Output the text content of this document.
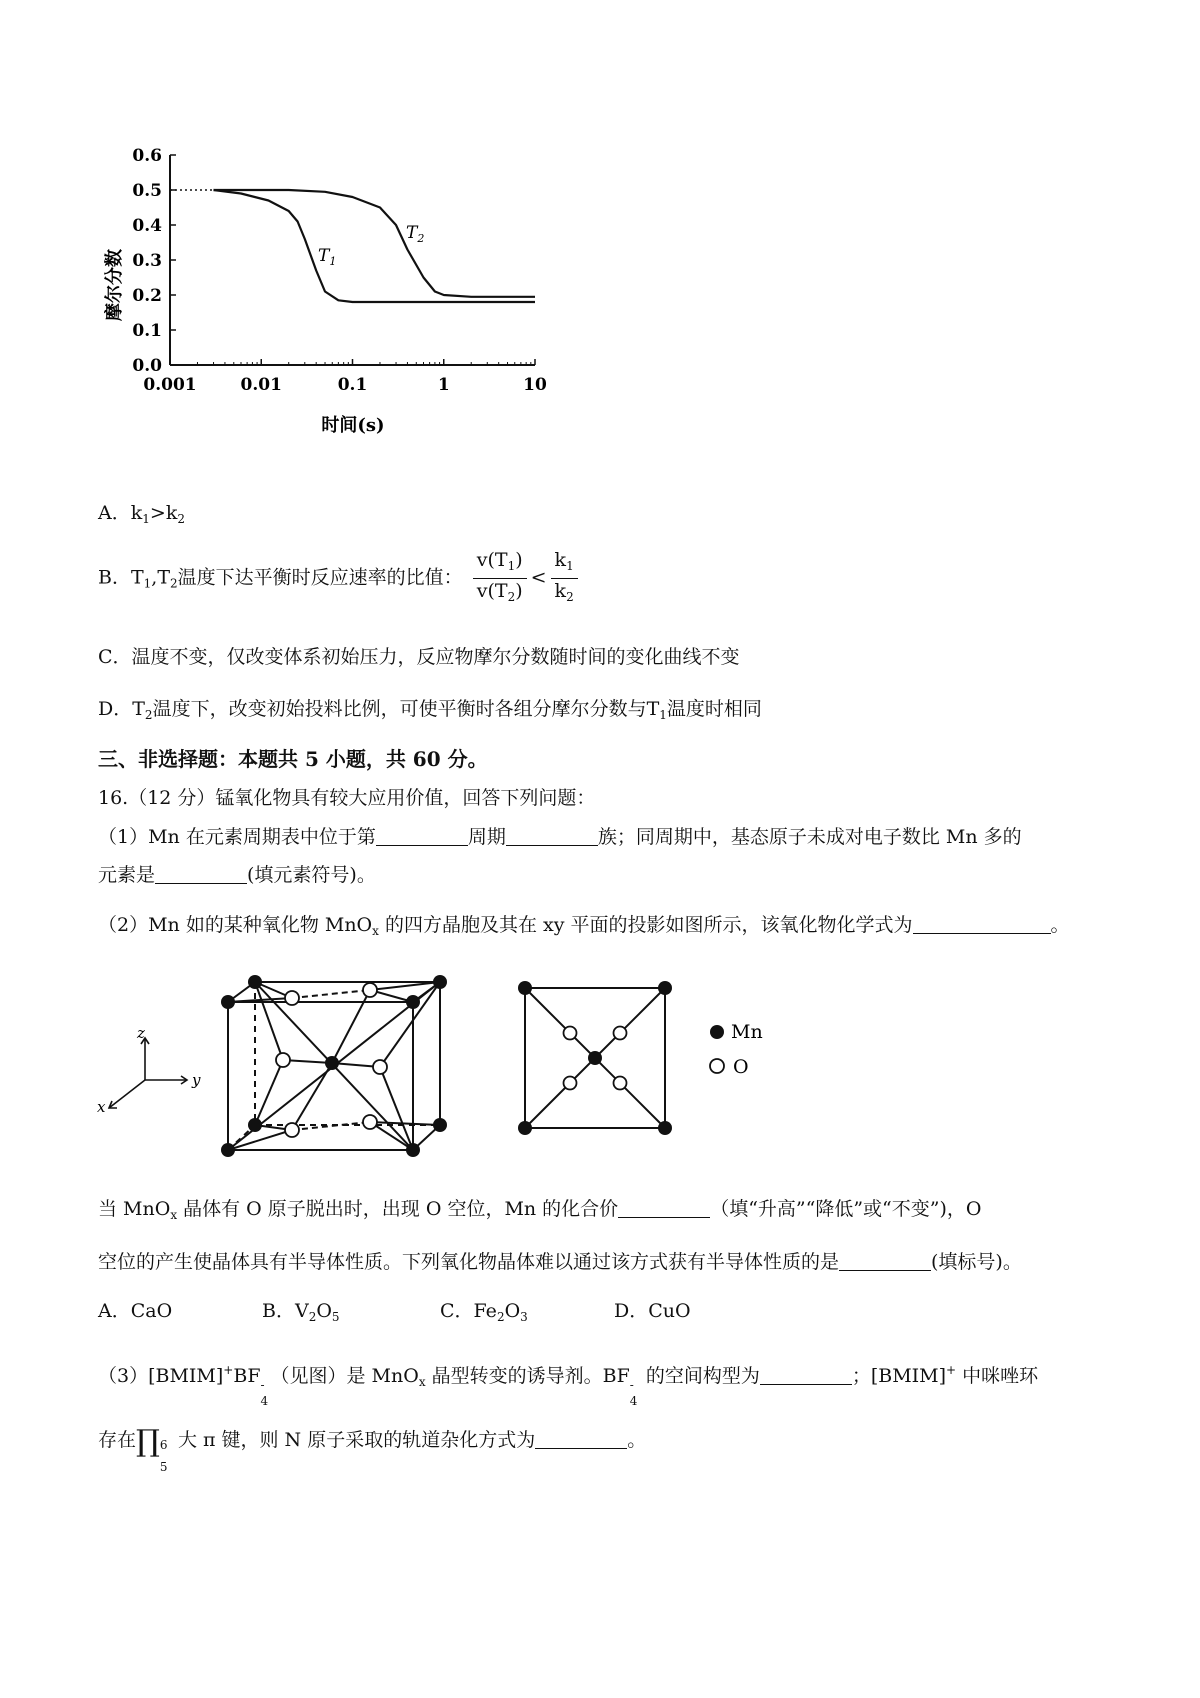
0.001	0.01	0.1	1	10
0.0
0.1
0.2
0.3
0.4
0.5
0.6
摩尔分数
时间(s)
$T_1$
$T_2$
A．$k_1>k_2$
B．$T_1,T_2$温度下达平衡时反应速率的比值： $\frac{v(T_1)}{v(T_2)} < \frac{k_1}{k_2}$
C．温度不变，仅改变体系初始压力，反应物摩尔分数随时间的变化曲线不变
D．$T_2$温度下，改变初始投料比例，可使平衡时各组分摩尔分数与$T_1$温度时相同
三、非选择题：本题共 5 小题，共 60 分。
16.（12 分）锰氧化物具有较大应用价值，回答下列问题：
（1）Mn 在元素周期表中位于第	周期	族；同周期中，基态原子未成对电子数比 Mn 多的
元素是	(填元素符号)。
（2）Mn 如的某种氧化物 MnO$_x$ 的四方晶胞及其在 xy 平面的投影如图所示，该氧化物化学式为	。
z
y
x
Mn
O
当 MnO$_x$ 晶体有 O 原子脱出时，出现 O 空位，Mn 的化合价	（填“升高”“降低”或“不变”)，O
空位的产生使晶体具有半导体性质。下列氧化物晶体难以通过该方式获有半导体性质的是	(填标号)。
A．CaO	B．$V_2O_5$	C．$Fe_2O_3$	D．CuO
（3）[BMIM]+BF -
4
（见图）是 MnO$_x$ 晶型转变的诱导剂。BF -
4
的空间构型为	；[BMIM]+ 中咪唑环
存在∏ 6
5
大 π 键，则 N 原子采取的轨道杂化方式为	。
